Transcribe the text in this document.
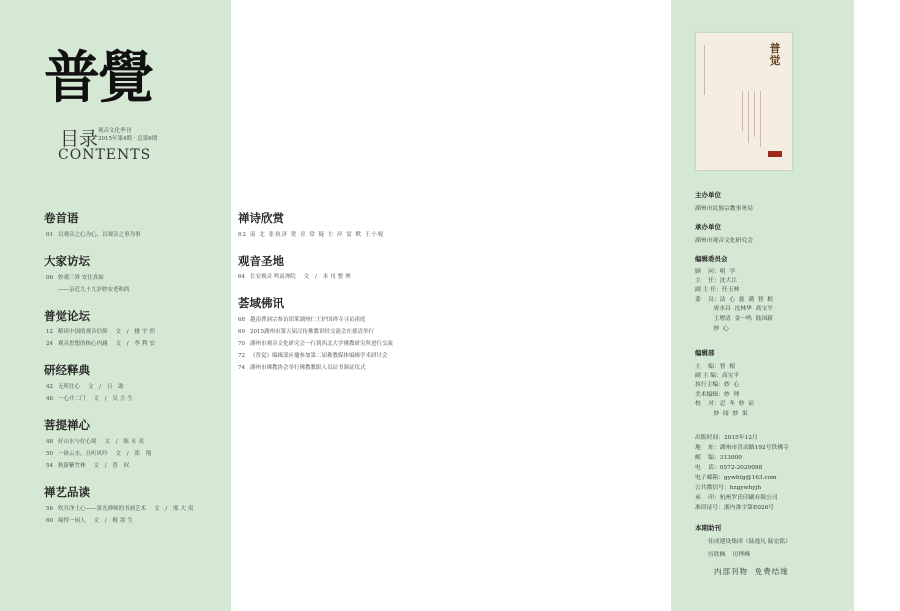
普覺
目录 观音文化季刊
2015年第4期 · 总第6期
CONTENTS
卷首语
01 以观音之心为心，以观音之事为事
大家访坛
06 妙观三界 安住真如
——亲近九十九岁妙安老和尚
普觉论坛
12 略谈中国的观音信仰 文 / 楼宇烈
24 观音思想的核心内涵 文 / 李利安
研经释典
42 无所住心 文 / 日 助
46 一心开二门 文 / 吴言生
菩提禅心
48 好山水与好心境 文 / 陈永夷
50 一钵云水，且听风吟 文 / 郑 翔
54 秋游紫竹林 文 / 普 权
禅艺品读
56 吹开净土心——果光禅师的书画艺术 文 / 邢大夷
60 缘得一闲人 文 / 梅墨生
禅诗欣赏
62 南 北 张执济 贺 青 常 疑 左 岸 雷 默 王小妮
观音圣地
64 长安观音 鸣南禅院 文 / 本刊整理
荟域佛讯
68 越南曹洞宗参访团莱湖州仁王护国禅寺寻访祖庭
69 2015湖州市第五届汉传佛教讲经交流会在德清举行
70 湖州市观音文化研究会一行到西北大学佛教研究所进行交流
72 《普觉》编辑部应邀参加第二届佛教媒体编辑学术研讨会
74 湖州市佛教协会举行佛教教职人员证书颁证仪式
普觉
主办单位
湖州市民族宗教事务局
承办单位
湖州市观音文化研究会
编辑委员会
顾    问：明  学
主    任：沈大江
副 主 任：任玉林
委    员：法  心  慈  满  智  根
唐水昌  沈林华  高宝平
王增清  金一鸣  陆国新
妙  心
编辑部
主    编：智  根
副 主 编：高宝平
执行主编：妙  心
美术编辑：妙  理
校    对：忍  冬  妙  证
妙  闻  妙  果
出版时间：2015年12月
地    址：湖州市青动路192号铁佛寺
邮    编：313000
电    话：0572-2020098
电子邮箱：gywhtg@163.com
公共微信号：hzgywhyjh
承    印：杭州罗氏印刷有限公司
准印证号：浙内准字第E026号
本期助刊
佳成建设集团（陆逸凡 陆宏铭）
厉欣枫    厉烨峰
内部刊物  免费结缘
